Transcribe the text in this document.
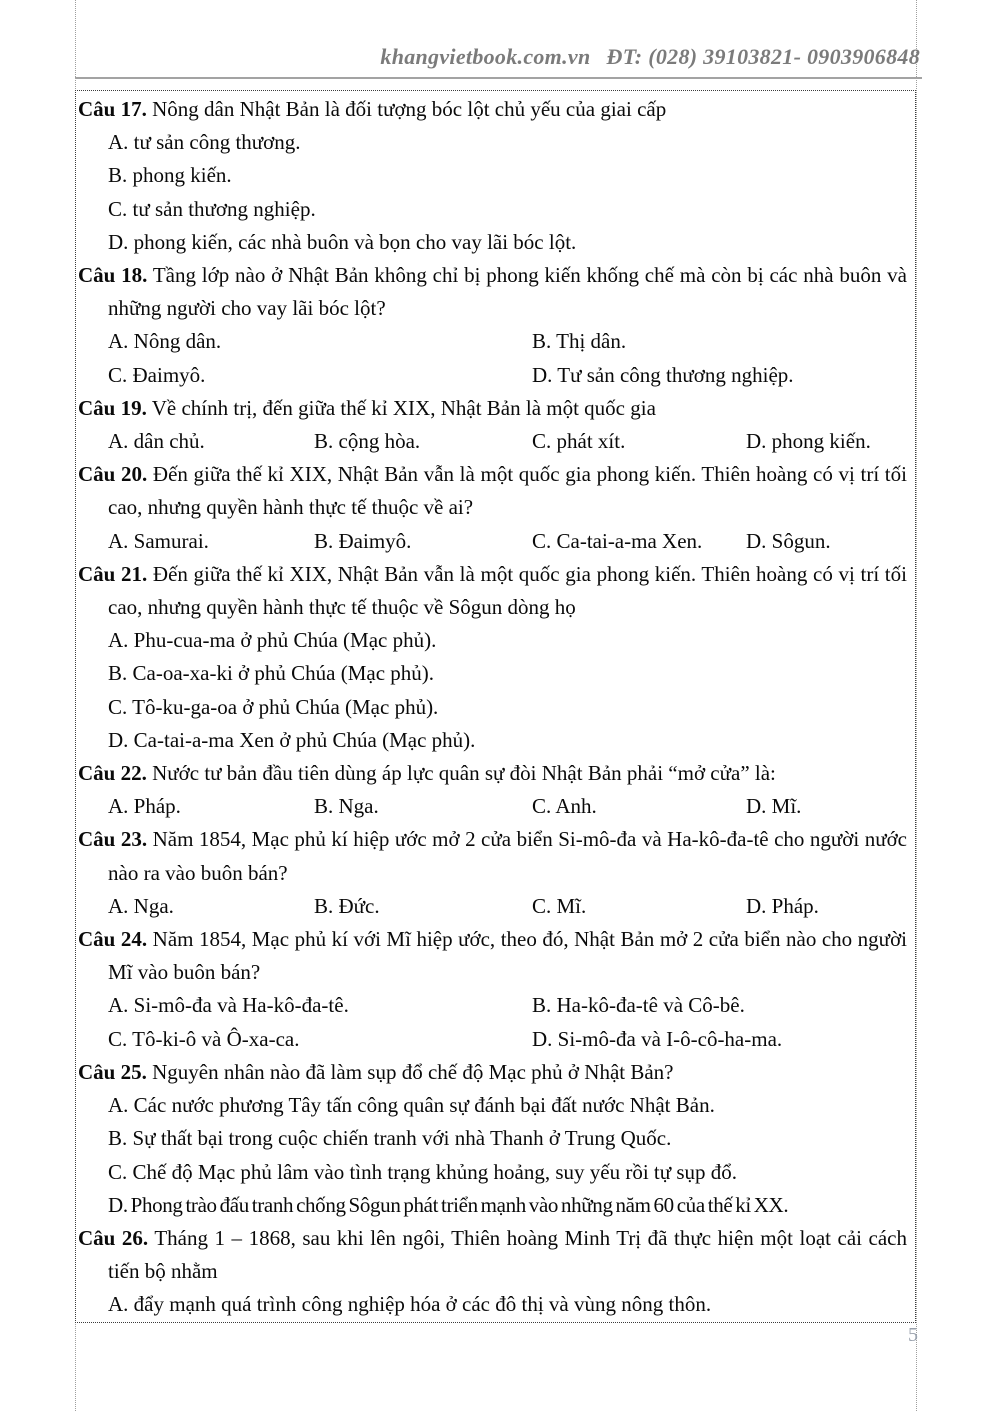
khangvietbook.com.vn ĐT: (028) 39103821- 0903906848

Câu 17. Nông dân Nhật Bản là đối tượng bóc lột chủ yếu của giai cấp

A. tư sản công thương.
B. phong kiến.
C. tư sản thương nghiệp.
D. phong kiến, các nhà buôn và bọn cho vay lãi bóc lột.

Câu 18. Tầng lớp nào ở Nhật Bản không chỉ bị phong kiến khống chế mà còn bị các nhà buôn và những người cho vay lãi bóc lột?

A. Nông dân.	B. Thị dân.
C. Đaimyô.	D. Tư sản công thương nghiệp.

Câu 19. Về chính trị, đến giữa thế kỉ XIX, Nhật Bản là một quốc gia

A. dân chủ.	B. cộng hòa.	C. phát xít.	D. phong kiến.

Câu 20. Đến giữa thế kỉ XIX, Nhật Bản vẫn là một quốc gia phong kiến. Thiên hoàng có vị trí tối cao, nhưng quyền hành thực tế thuộc về ai?

A. Samurai.	B. Đaimyô.	C. Ca-tai-a-ma Xen.	D. Sôgun.

Câu 21. Đến giữa thế kỉ XIX, Nhật Bản vẫn là một quốc gia phong kiến. Thiên hoàng có vị trí tối cao, nhưng quyền hành thực tế thuộc về Sôgun dòng họ

A. Phu-cua-ma ở phủ Chúa (Mạc phủ).
B. Ca-oa-xa-ki ở phủ Chúa (Mạc phủ).
C. Tô-ku-ga-oa ở phủ Chúa (Mạc phủ).
D. Ca-tai-a-ma Xen ở phủ Chúa (Mạc phủ).

Câu 22. Nước tư bản đầu tiên dùng áp lực quân sự đòi Nhật Bản phải “mở cửa” là:

A. Pháp.	B. Nga.	C. Anh.	D. Mĩ.

Câu 23. Năm 1854, Mạc phủ kí hiệp ước mở 2 cửa biển Si-mô-đa và Ha-kô-đa-tê cho người nước nào ra vào buôn bán?

A. Nga.	B. Đức.	C. Mĩ.	D. Pháp.

Câu 24. Năm 1854, Mạc phủ kí với Mĩ hiệp ước, theo đó, Nhật Bản mở 2 cửa biển nào cho người Mĩ vào buôn bán?

A. Si-mô-đa và Ha-kô-đa-tê.	B. Ha-kô-đa-tê và Cô-bê.
C. Tô-ki-ô và Ô-xa-ca.	D. Si-mô-đa và I-ô-cô-ha-ma.

Câu 25. Nguyên nhân nào đã làm sụp đổ chế độ Mạc phủ ở Nhật Bản?

A. Các nước phương Tây tấn công quân sự đánh bại đất nước Nhật Bản.
B. Sự thất bại trong cuộc chiến tranh với nhà Thanh ở Trung Quốc.
C. Chế độ Mạc phủ lâm vào tình trạng khủng hoảng, suy yếu rồi tự sụp đổ.
D. Phong trào đấu tranh chống Sôgun phát triển mạnh vào những năm 60 của thế kỉ XX.

Câu 26. Tháng 1 – 1868, sau khi lên ngôi, Thiên hoàng Minh Trị đã thực hiện một loạt cải cách tiến bộ nhằm

A. đẩy mạnh quá trình công nghiệp hóa ở các đô thị và vùng nông thôn.
5
